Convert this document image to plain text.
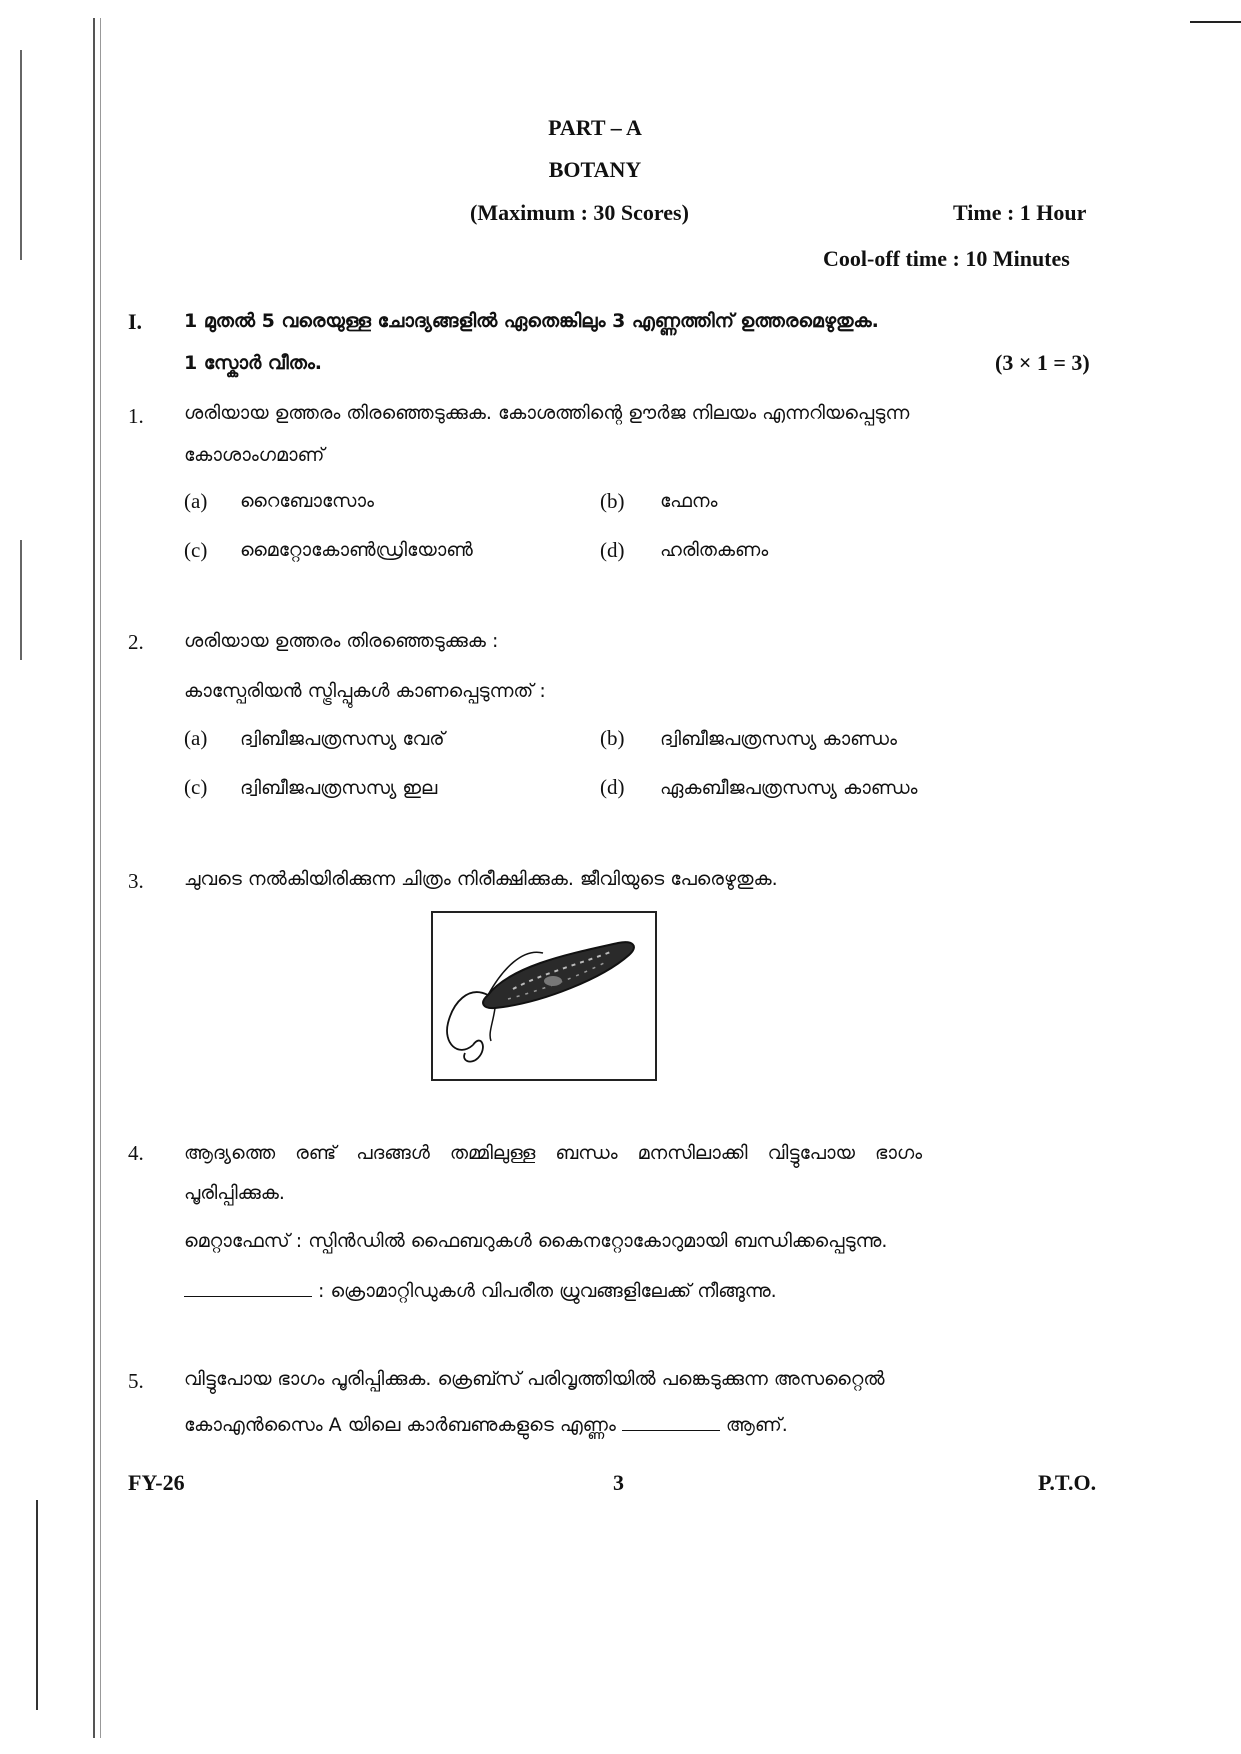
PART – A
BOTANY
(Maximum : 30 Scores)	Time : 1 Hour
Cool-off time : 10 Minutes
I. 1 മുതൽ 5 വരെയുള്ള ചോദ്യങ്ങളിൽ ഏതെങ്കിലും 3 എണ്ണത്തിന് ഉത്തരമെഴുതുക.
1 സ്കോർ വീതം.	(3 × 1 = 3)
1. ശരിയായ ഉത്തരം തിരഞ്ഞെടുക്കുക. കോശത്തിന്റെ ഊർജ നിലയം എന്നറിയപ്പെടുന്ന
കോശാംഗമാണ്
(a) റൈബോസോം	(b) ഫേനം
(c) മൈറ്റോകോൺഡ്രിയോൺ	(d) ഹരിതകണം
2. ശരിയായ ഉത്തരം തിരഞ്ഞെടുക്കുക :
കാസ്പേരിയൻ സ്ട്രിപ്പുകൾ കാണപ്പെടുന്നത് :
(a) ദ്വിബീജപത്രസസ്യ വേര്	(b) ദ്വിബീജപത്രസസ്യ കാണ്ഡം
(c) ദ്വിബീജപത്രസസ്യ ഇല	(d) ഏകബീജപത്രസസ്യ കാണ്ഡം
3. ചുവടെ നൽകിയിരിക്കുന്ന ചിത്രം നിരീക്ഷിക്കുക. ജീവിയുടെ പേരെഴുതുക.
4. ആദ്യത്തെ രണ്ട് പദങ്ങൾ തമ്മിലുള്ള ബന്ധം മനസിലാക്കി വിട്ടുപോയ ഭാഗം
പൂരിപ്പിക്കുക.
മെറ്റാഫേസ് : സ്പിൻഡിൽ ഫൈബറുകൾ കൈനറ്റോകോറുമായി ബന്ധിക്കപ്പെടുന്നു.
: ക്രൊമാറ്റിഡുകൾ വിപരീത ധ്രുവങ്ങളിലേക്ക് നീങ്ങുന്നു.
5. വിട്ടുപോയ ഭാഗം പൂരിപ്പിക്കുക. ക്രെബ്സ് പരിവൃത്തിയിൽ പങ്കെടുക്കുന്ന അസറ്റൈൽ
കോഎൻസൈം A യിലെ കാർബണുകളുടെ എണ്ണം	ആണ്.
FY-26	3	P.T.O.
